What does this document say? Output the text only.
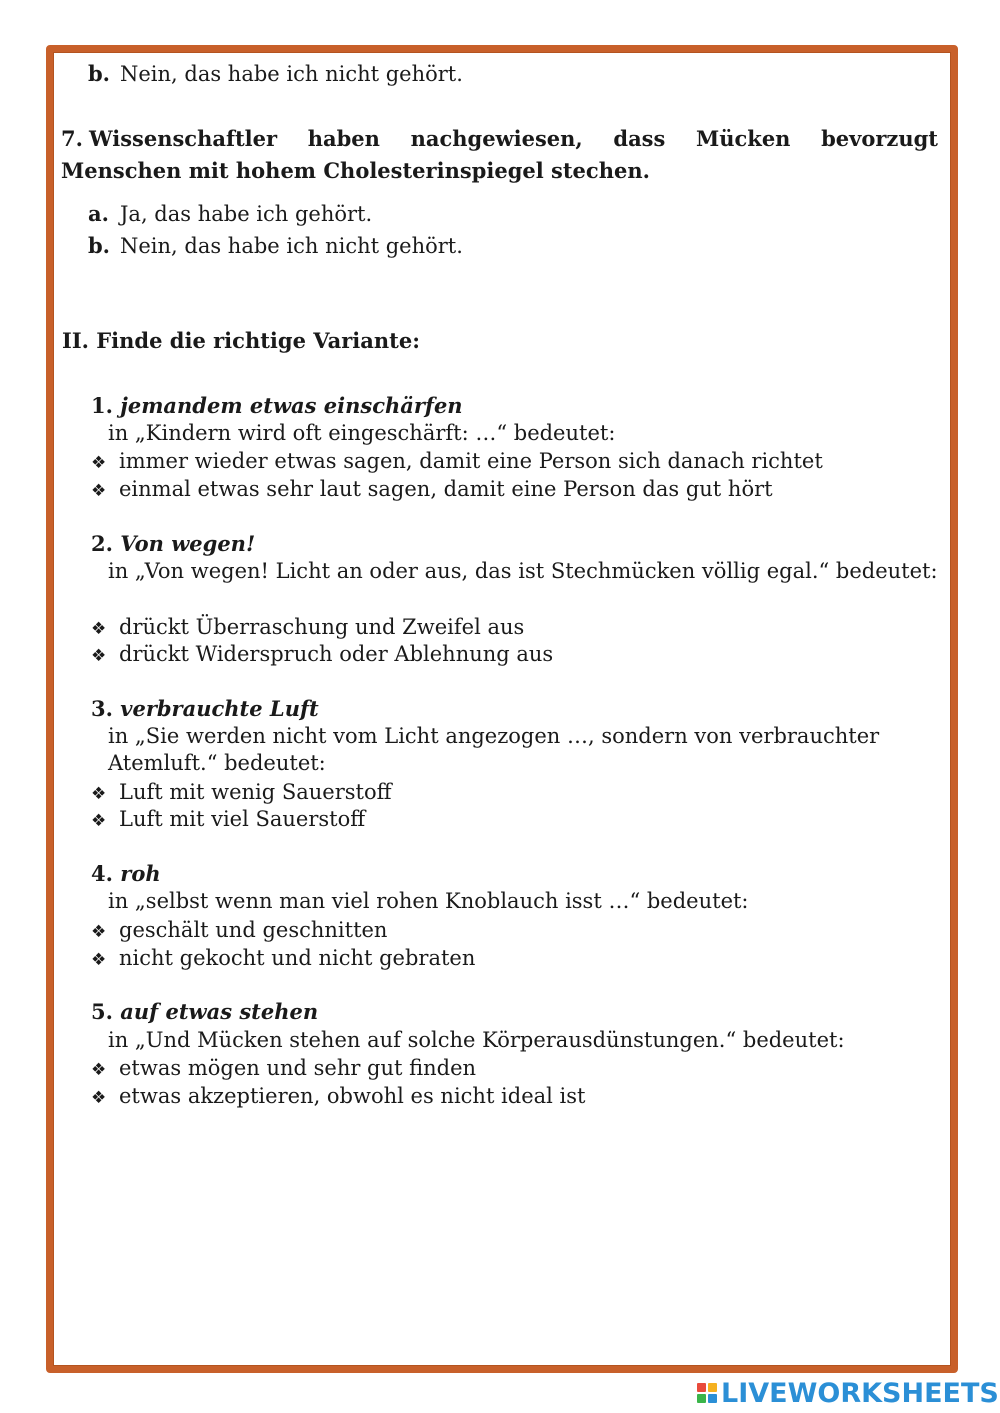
b. Nein, das habe ich nicht gehört.
7. Wissenschaftler haben nachgewiesen, dass Mücken bevorzugt Menschen mit hohem Cholesterinspiegel stechen.
a. Ja, das habe ich gehört.
b. Nein, das habe ich nicht gehört.
II. Finde die richtige Variante:
1. jemandem etwas einschärfen
in „Kindern wird oft eingeschärft: …“ bedeutet:
❖ immer wieder etwas sagen, damit eine Person sich danach richtet
❖ einmal etwas sehr laut sagen, damit eine Person das gut hört
2. Von wegen!
in „Von wegen! Licht an oder aus, das ist Stechmücken völlig egal.“ bedeutet:
❖ drückt Überraschung und Zweifel aus
❖ drückt Widerspruch oder Ablehnung aus
3. verbrauchte Luft
in „Sie werden nicht vom Licht angezogen …, sondern von verbrauchter Atemluft.“ bedeutet:
❖ Luft mit wenig Sauerstoff
❖ Luft mit viel Sauerstoff
4. roh
in „selbst wenn man viel rohen Knoblauch isst …“ bedeutet:
❖ geschält und geschnitten
❖ nicht gekocht und nicht gebraten
5. auf etwas stehen
in „Und Mücken stehen auf solche Körperausdünstungen.“ bedeutet:
❖ etwas mögen und sehr gut finden
❖ etwas akzeptieren, obwohl es nicht ideal ist
LIVEWORKSHEETS
